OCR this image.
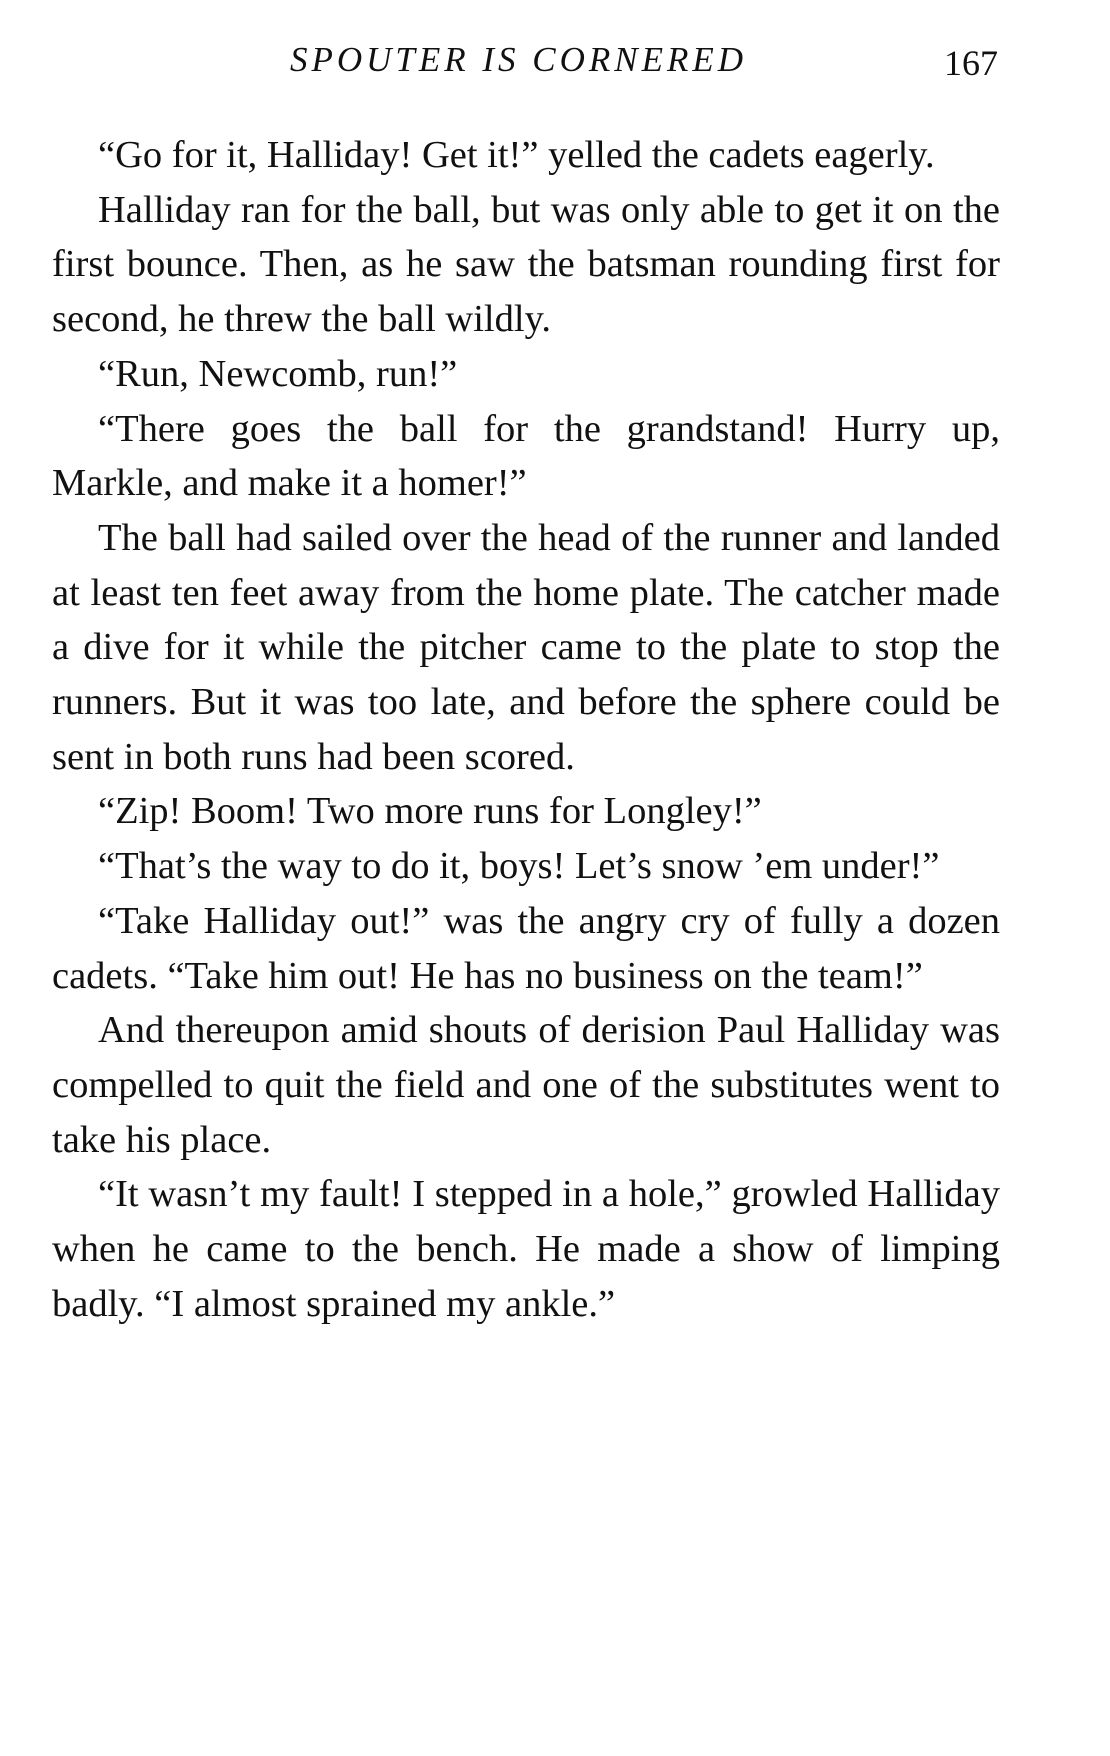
SPOUTER IS CORNERED	167

“Go for it, Halliday! Get it!” yelled the cadets eagerly.

Halliday ran for the ball, but was only able to get it on the first bounce. Then, as he saw the batsman rounding first for second, he threw the ball wildly.

“Run, Newcomb, run!”

“There goes the ball for the grandstand! Hurry up, Markle, and make it a homer!”

The ball had sailed over the head of the runner and landed at least ten feet away from the home plate. The catcher made a dive for it while the pitcher came to the plate to stop the runners. But it was too late, and before the sphere could be sent in both runs had been scored.

“Zip! Boom! Two more runs for Longley!”

“That’s the way to do it, boys! Let’s snow ’em under!”

“Take Halliday out!” was the angry cry of fully a dozen cadets. “Take him out! He has no business on the team!”

And thereupon amid shouts of derision Paul Halliday was compelled to quit the field and one of the substitutes went to take his place.

“It wasn’t my fault! I stepped in a hole,” growled Halliday when he came to the bench. He made a show of limping badly. “I almost sprained my ankle.”
